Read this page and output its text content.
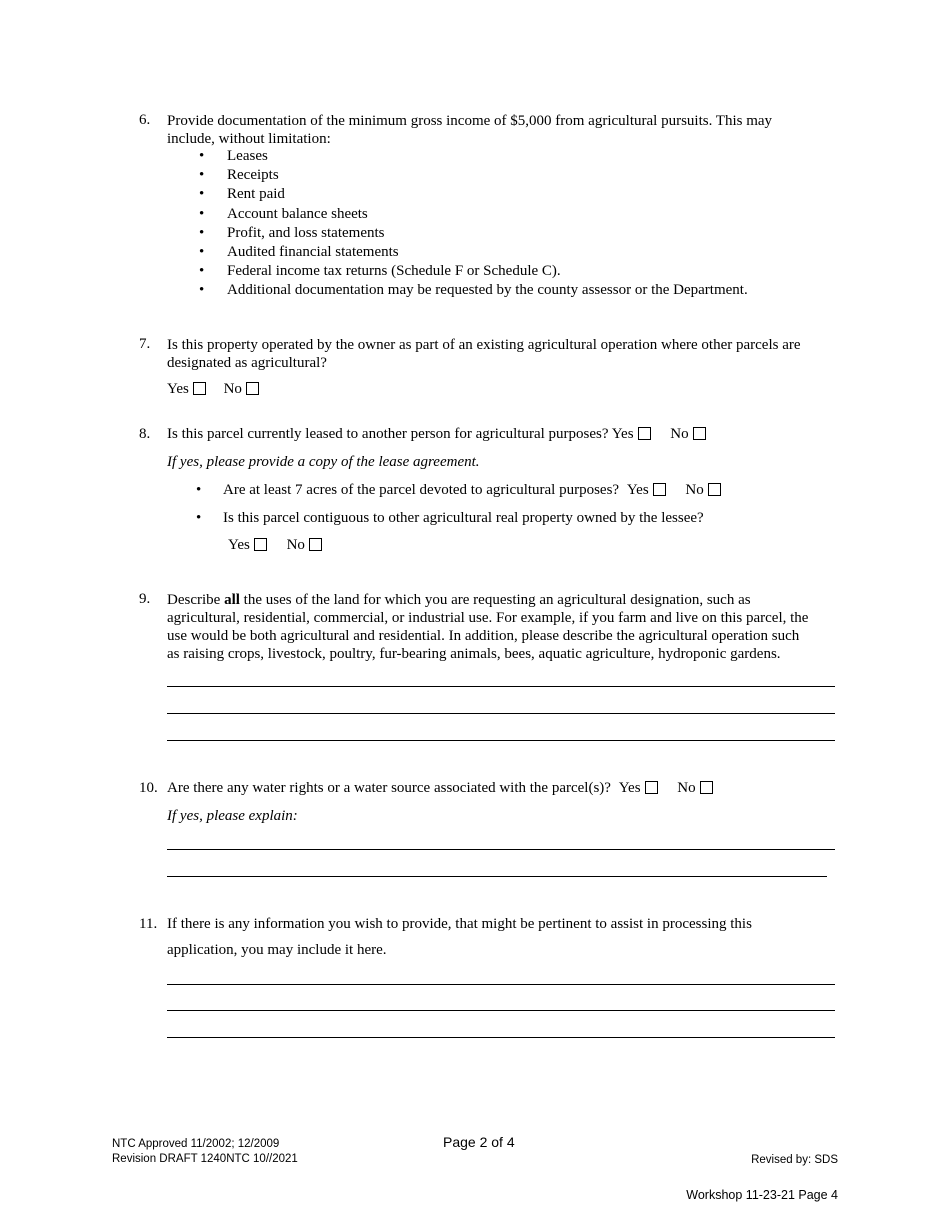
6. Provide documentation of the minimum gross income of $5,000 from agricultural pursuits. This may
include, without limitation:
• Leases
• Receipts
• Rent paid
• Account balance sheets
• Profit, and loss statements
• Audited financial statements
• Federal income tax returns (Schedule F or Schedule C).
• Additional documentation may be requested by the county assessor or the Department.
7. Is this property operated by the owner as part of an existing agricultural operation where other parcels are
designated as agricultural?
Yes No
8. Is this parcel currently leased to another person for agricultural purposes? Yes No
If yes, please provide a copy of the lease agreement.
• Are at least 7 acres of the parcel devoted to agricultural purposes? Yes No
• Is this parcel contiguous to other agricultural real property owned by the lessee?
Yes No
9. Describe all the uses of the land for which you are requesting an agricultural designation, such as
agricultural, residential, commercial, or industrial use. For example, if you farm and live on this parcel, the
use would be both agricultural and residential. In addition, please describe the agricultural operation such
as raising crops, livestock, poultry, fur-bearing animals, bees, aquatic agriculture, hydroponic gardens.
10. Are there any water rights or a water source associated with the parcel(s)? Yes No
If yes, please explain:
11. If there is any information you wish to provide, that might be pertinent to assist in processing this
application, you may include it here.
NTC Approved 11/2002; 12/2009
Revision DRAFT 1240NTC 10//2021
Page 2 of 4
Revised by: SDS
Workshop 11-23-21 Page 4
